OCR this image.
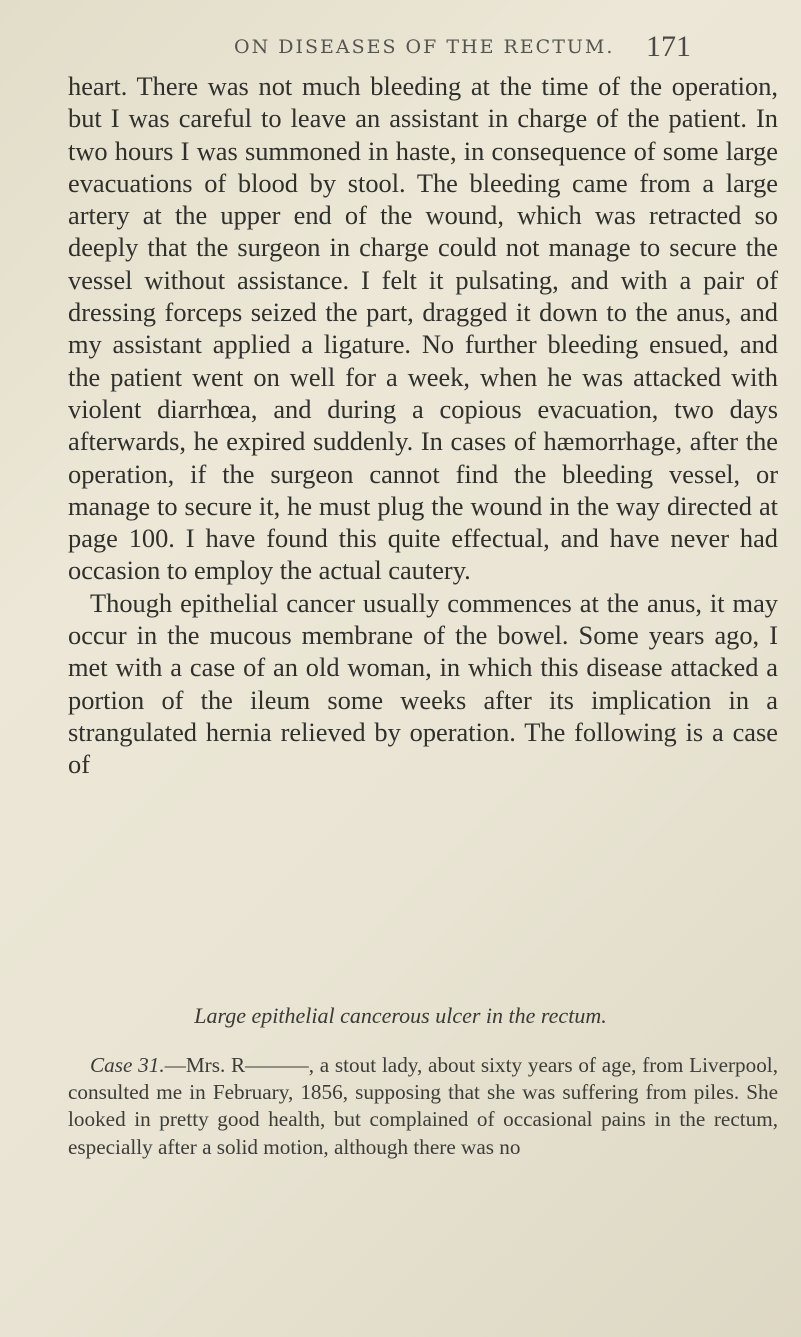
ON DISEASES OF THE RECTUM. 171

heart. There was not much bleeding at the time of the operation, but I was careful to leave an assistant in charge of the patient. In two hours I was summoned in haste, in consequence of some large evacuations of blood by stool. The bleeding came from a large artery at the upper end of the wound, which was retracted so deeply that the surgeon in charge could not manage to secure the vessel without assistance. I felt it pulsating, and with a pair of dressing forceps seized the part, dragged it down to the anus, and my assistant applied a ligature. No further bleeding ensued, and the patient went on well for a week, when he was attacked with violent diarrhœa, and during a copious evacuation, two days afterwards, he expired suddenly. In cases of hæmorrhage, after the operation, if the surgeon cannot find the bleeding vessel, or manage to secure it, he must plug the wound in the way directed at page 100. I have found this quite effectual, and have never had occasion to employ the actual cautery.

Though epithelial cancer usually commences at the anus, it may occur in the mucous membrane of the bowel. Some years ago, I met with a case of an old woman, in which this disease attacked a portion of the ileum some weeks after its implication in a strangulated hernia relieved by operation. The following is a case of

Large epithelial cancerous ulcer in the rectum.

Case 31.—Mrs. R———, a stout lady, about sixty years of age, from Liverpool, consulted me in February, 1856, supposing that she was suffering from piles. She looked in pretty good health, but complained of occasional pains in the rectum, especially after a solid motion, although there was no
